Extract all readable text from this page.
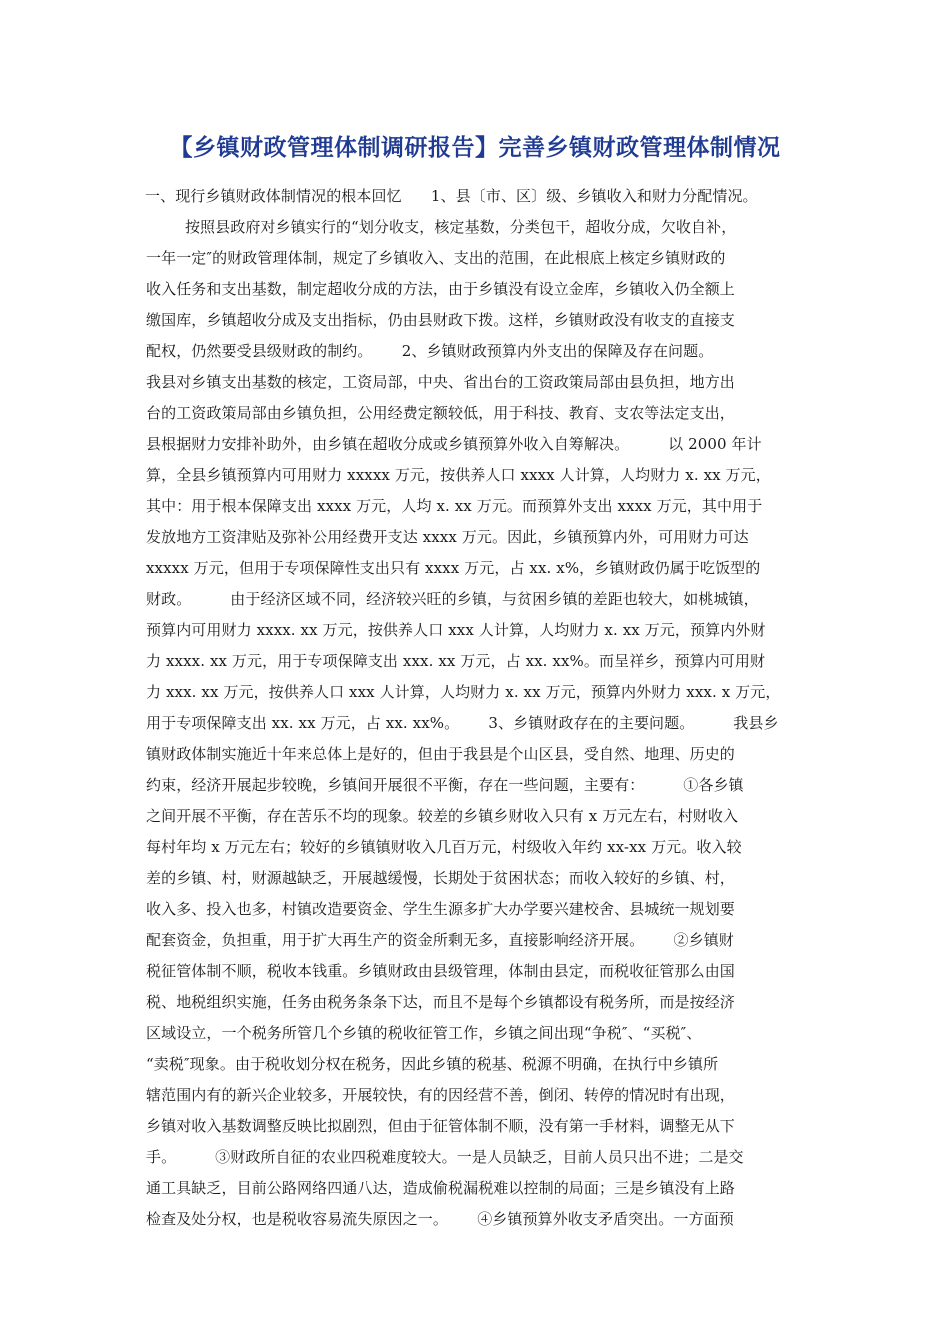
【乡镇财政管理体制调研报告】完善乡镇财政管理体制情况
一、现行乡镇财政体制情况的根本回忆      1、县〔市、区〕级、乡镇收入和财力分配情况。
按照县政府对乡镇实行的“划分收支，核定基数，分类包干，超收分成，欠收自补，
一年一定″的财政管理体制，规定了乡镇收入、支出的范围，在此根底上核定乡镇财政的
收入任务和支出基数，制定超收分成的方法，由于乡镇没有设立金库，乡镇收入仍全额上
缴国库，乡镇超收分成及支出指标，仍由县财政下拨。这样，乡镇财政没有收支的直接支
配权，仍然要受县级财政的制约。      2、乡镇财政预算内外支出的保障及存在问题。
我县对乡镇支出基数的核定，工资局部，中央、省出台的工资政策局部由县负担，地方出
台的工资政策局部由乡镇负担，公用经费定额较低，用于科技、教育、支农等法定支出，
县根据财力安排补助外，由乡镇在超收分成或乡镇预算外收入自筹解决。        以 2000 年计
算，全县乡镇预算内可用财力 xxxxx 万元，按供养人口 xxxx 人计算，人均财力 x. xx 万元，
其中：用于根本保障支出 xxxx 万元，人均 x. xx 万元。而预算外支出 xxxx 万元，其中用于
发放地方工资津贴及弥补公用经费开支达 xxxx 万元。因此，乡镇预算内外，可用财力可达
xxxxx 万元，但用于专项保障性支出只有 xxxx 万元，占 xx. x%，乡镇财政仍属于吃饭型的
财政。        由于经济区域不同，经济较兴旺的乡镇，与贫困乡镇的差距也较大，如桃城镇，
预算内可用财力 xxxx. xx 万元，按供养人口 xxx 人计算，人均财力 x. xx 万元，预算内外财
力 xxxx. xx 万元，用于专项保障支出 xxx. xx 万元，占 xx. xx%。而呈祥乡，预算内可用财
力 xxx. xx 万元，按供养人口 xxx 人计算，人均财力 x. xx 万元，预算内外财力 xxx. x 万元，
用于专项保障支出 xx. xx 万元，占 xx. xx%。      3、乡镇财政存在的主要问题。        我县乡
镇财政体制实施近十年来总体上是好的，但由于我县是个山区县，受自然、地理、历史的
约束，经济开展起步较晚，乡镇间开展很不平衡，存在一些问题，主要有：        ①各乡镇
之间开展不平衡，存在苦乐不均的现象。较差的乡镇乡财收入只有 x 万元左右，村财收入
每村年均 x 万元左右；较好的乡镇镇财收入几百万元，村级收入年约 xx-xx 万元。收入较
差的乡镇、村，财源越缺乏，开展越缓慢，长期处于贫困状态；而收入较好的乡镇、村，
收入多、投入也多，村镇改造要资金、学生生源多扩大办学要兴建校舍、县城统一规划要
配套资金，负担重，用于扩大再生产的资金所剩无多，直接影响经济开展。      ②乡镇财
税征管体制不顺，税收本钱重。乡镇财政由县级管理，体制由县定，而税收征管那么由国
税、地税组织实施，任务由税务条条下达，而且不是每个乡镇都设有税务所，而是按经济
区域设立，一个税务所管几个乡镇的税收征管工作，乡镇之间出现“争税″、“买税″、
“卖税″现象。由于税收划分权在税务，因此乡镇的税基、税源不明确，在执行中乡镇所
辖范围内有的新兴企业较多，开展较快，有的因经营不善，倒闭、转停的情况时有出现，
乡镇对收入基数调整反映比拟剧烈，但由于征管体制不顺，没有第一手材料，调整无从下
手。        ③财政所自征的农业四税难度较大。一是人员缺乏，目前人员只出不进；二是交
通工具缺乏，目前公路网络四通八达，造成偷税漏税难以控制的局面；三是乡镇没有上路
检查及处分权，也是税收容易流失原因之一。      ④乡镇预算外收支矛盾突出。一方面预
